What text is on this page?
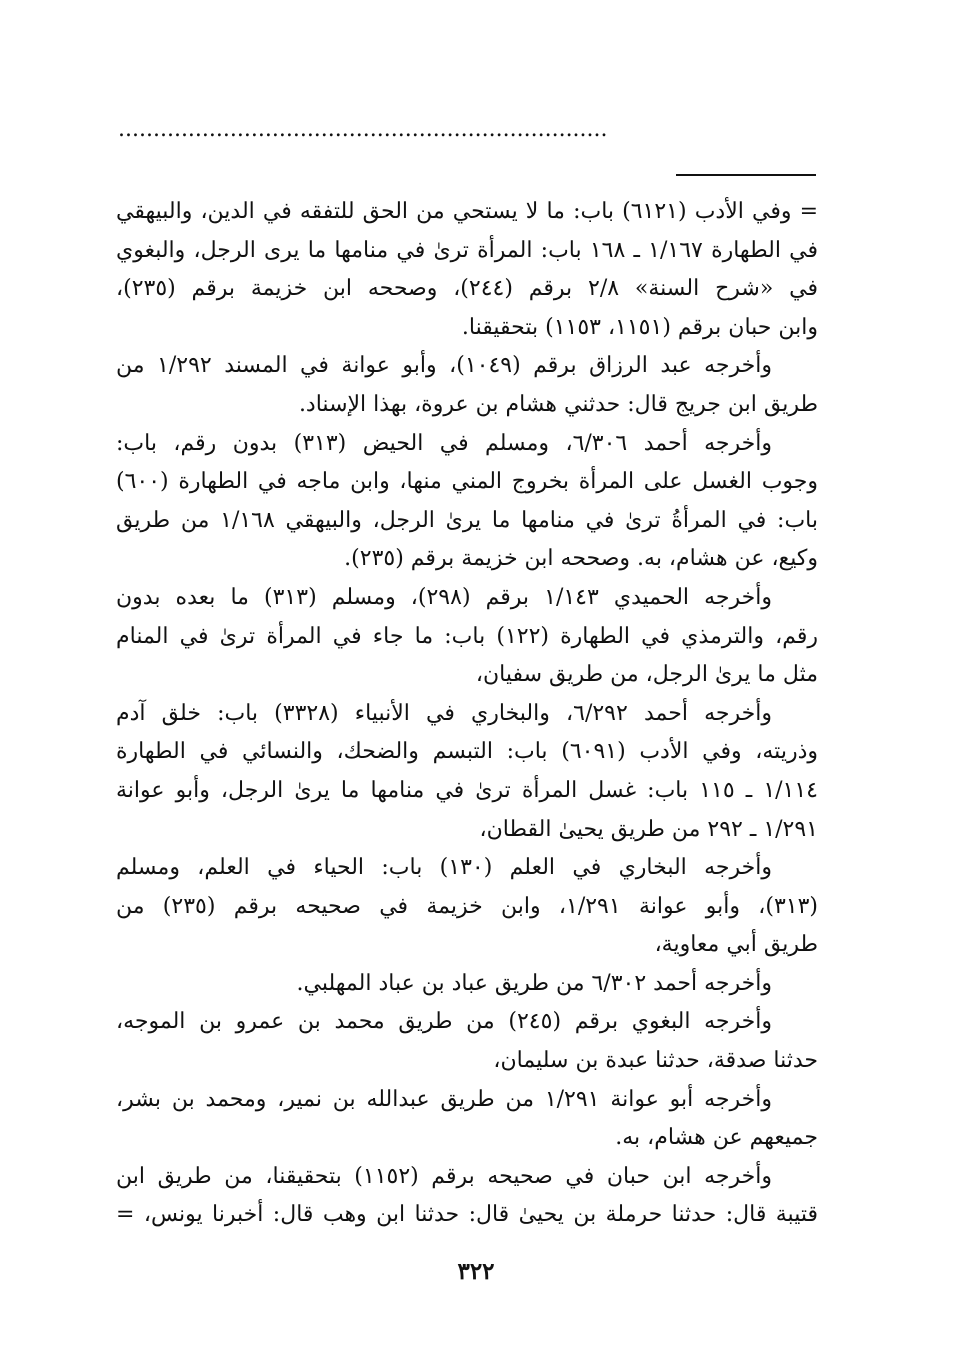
......................................................................
= وفي الأدب (٦١٢١) باب: ما لا يستحي من الحق للتفقه في الدين، والبيهقي
في الطهارة ١/١٦٧ ـ ١٦٨ باب: المرأة ترىٰ في منامها ما يرى الرجل، والبغوي
في «شرح السنة» ٢/٨ برقم (٢٤٤)، وصححه ابن خزيمة برقم (٢٣٥)،
وابن حبان برقم (١١٥١، ١١٥٣) بتحقيقنا.
وأخرجه عبد الرزاق برقم (١٠٤٩)، وأبو عوانة في المسند ١/٢٩٢ من
طريق ابن جريج قال: حدثني هشام بن عروة، بهذا الإسناد.
وأخرجه أحمد ٦/٣٠٦، ومسلم في الحيض (٣١٣) بدون رقم، باب:
وجوب الغسل على المرأة بخروج المني منها، وابن ماجه في الطهارة (٦٠٠)
باب: في المرأةُ ترىٰ في منامها ما يرىٰ الرجل، والبيهقي ١/١٦٨ من طريق
وكيع، عن هشام، به. وصححه ابن خزيمة برقم (٢٣٥).
وأخرجه الحميدي ١/١٤٣ برقم (٢٩٨)، ومسلم (٣١٣) ما بعده بدون
رقم، والترمذي في الطهارة (١٢٢) باب: ما جاء في المرأة ترىٰ في المنام
مثل ما يرىٰ الرجل، من طريق سفيان،
وأخرجه أحمد ٦/٢٩٢، والبخاري في الأنبياء (٣٣٢٨) باب: خلق آدم
وذريته، وفي الأدب (٦٠٩١) باب: التبسم والضحك، والنسائي في الطهارة
١/١١٤ ـ ١١٥ باب: غسل المرأة ترىٰ في منامها ما يرىٰ الرجل، وأبو عوانة
١/٢٩١ ـ ٢٩٢ من طريق يحيىٰ القطان،
وأخرجه البخاري في العلم (١٣٠) باب: الحياء في العلم، ومسلم
(٣١٣)، وأبو عوانة ١/٢٩١، وابن خزيمة في صحيحه برقم (٢٣٥) من
طريق أبي معاوية،
وأخرجه أحمد ٦/٣٠٢ من طريق عباد بن عباد المهلبي.
وأخرجه البغوي برقم (٢٤٥) من طريق محمد بن عمرو بن الموجه،
حدثنا صدقة، حدثنا عبدة بن سليمان،
وأخرجه أبو عوانة ١/٢٩١ من طريق عبدالله بن نمير، ومحمد بن بشر،
جميعهم عن هشام، به.
وأخرجه ابن حبان في صحيحه برقم (١١٥٢) بتحقيقنا، من طريق ابن
قتيبة قال: حدثنا حرملة بن يحيىٰ قال: حدثنا ابن وهب قال: أخبرنا يونس، =
٣٢٢
